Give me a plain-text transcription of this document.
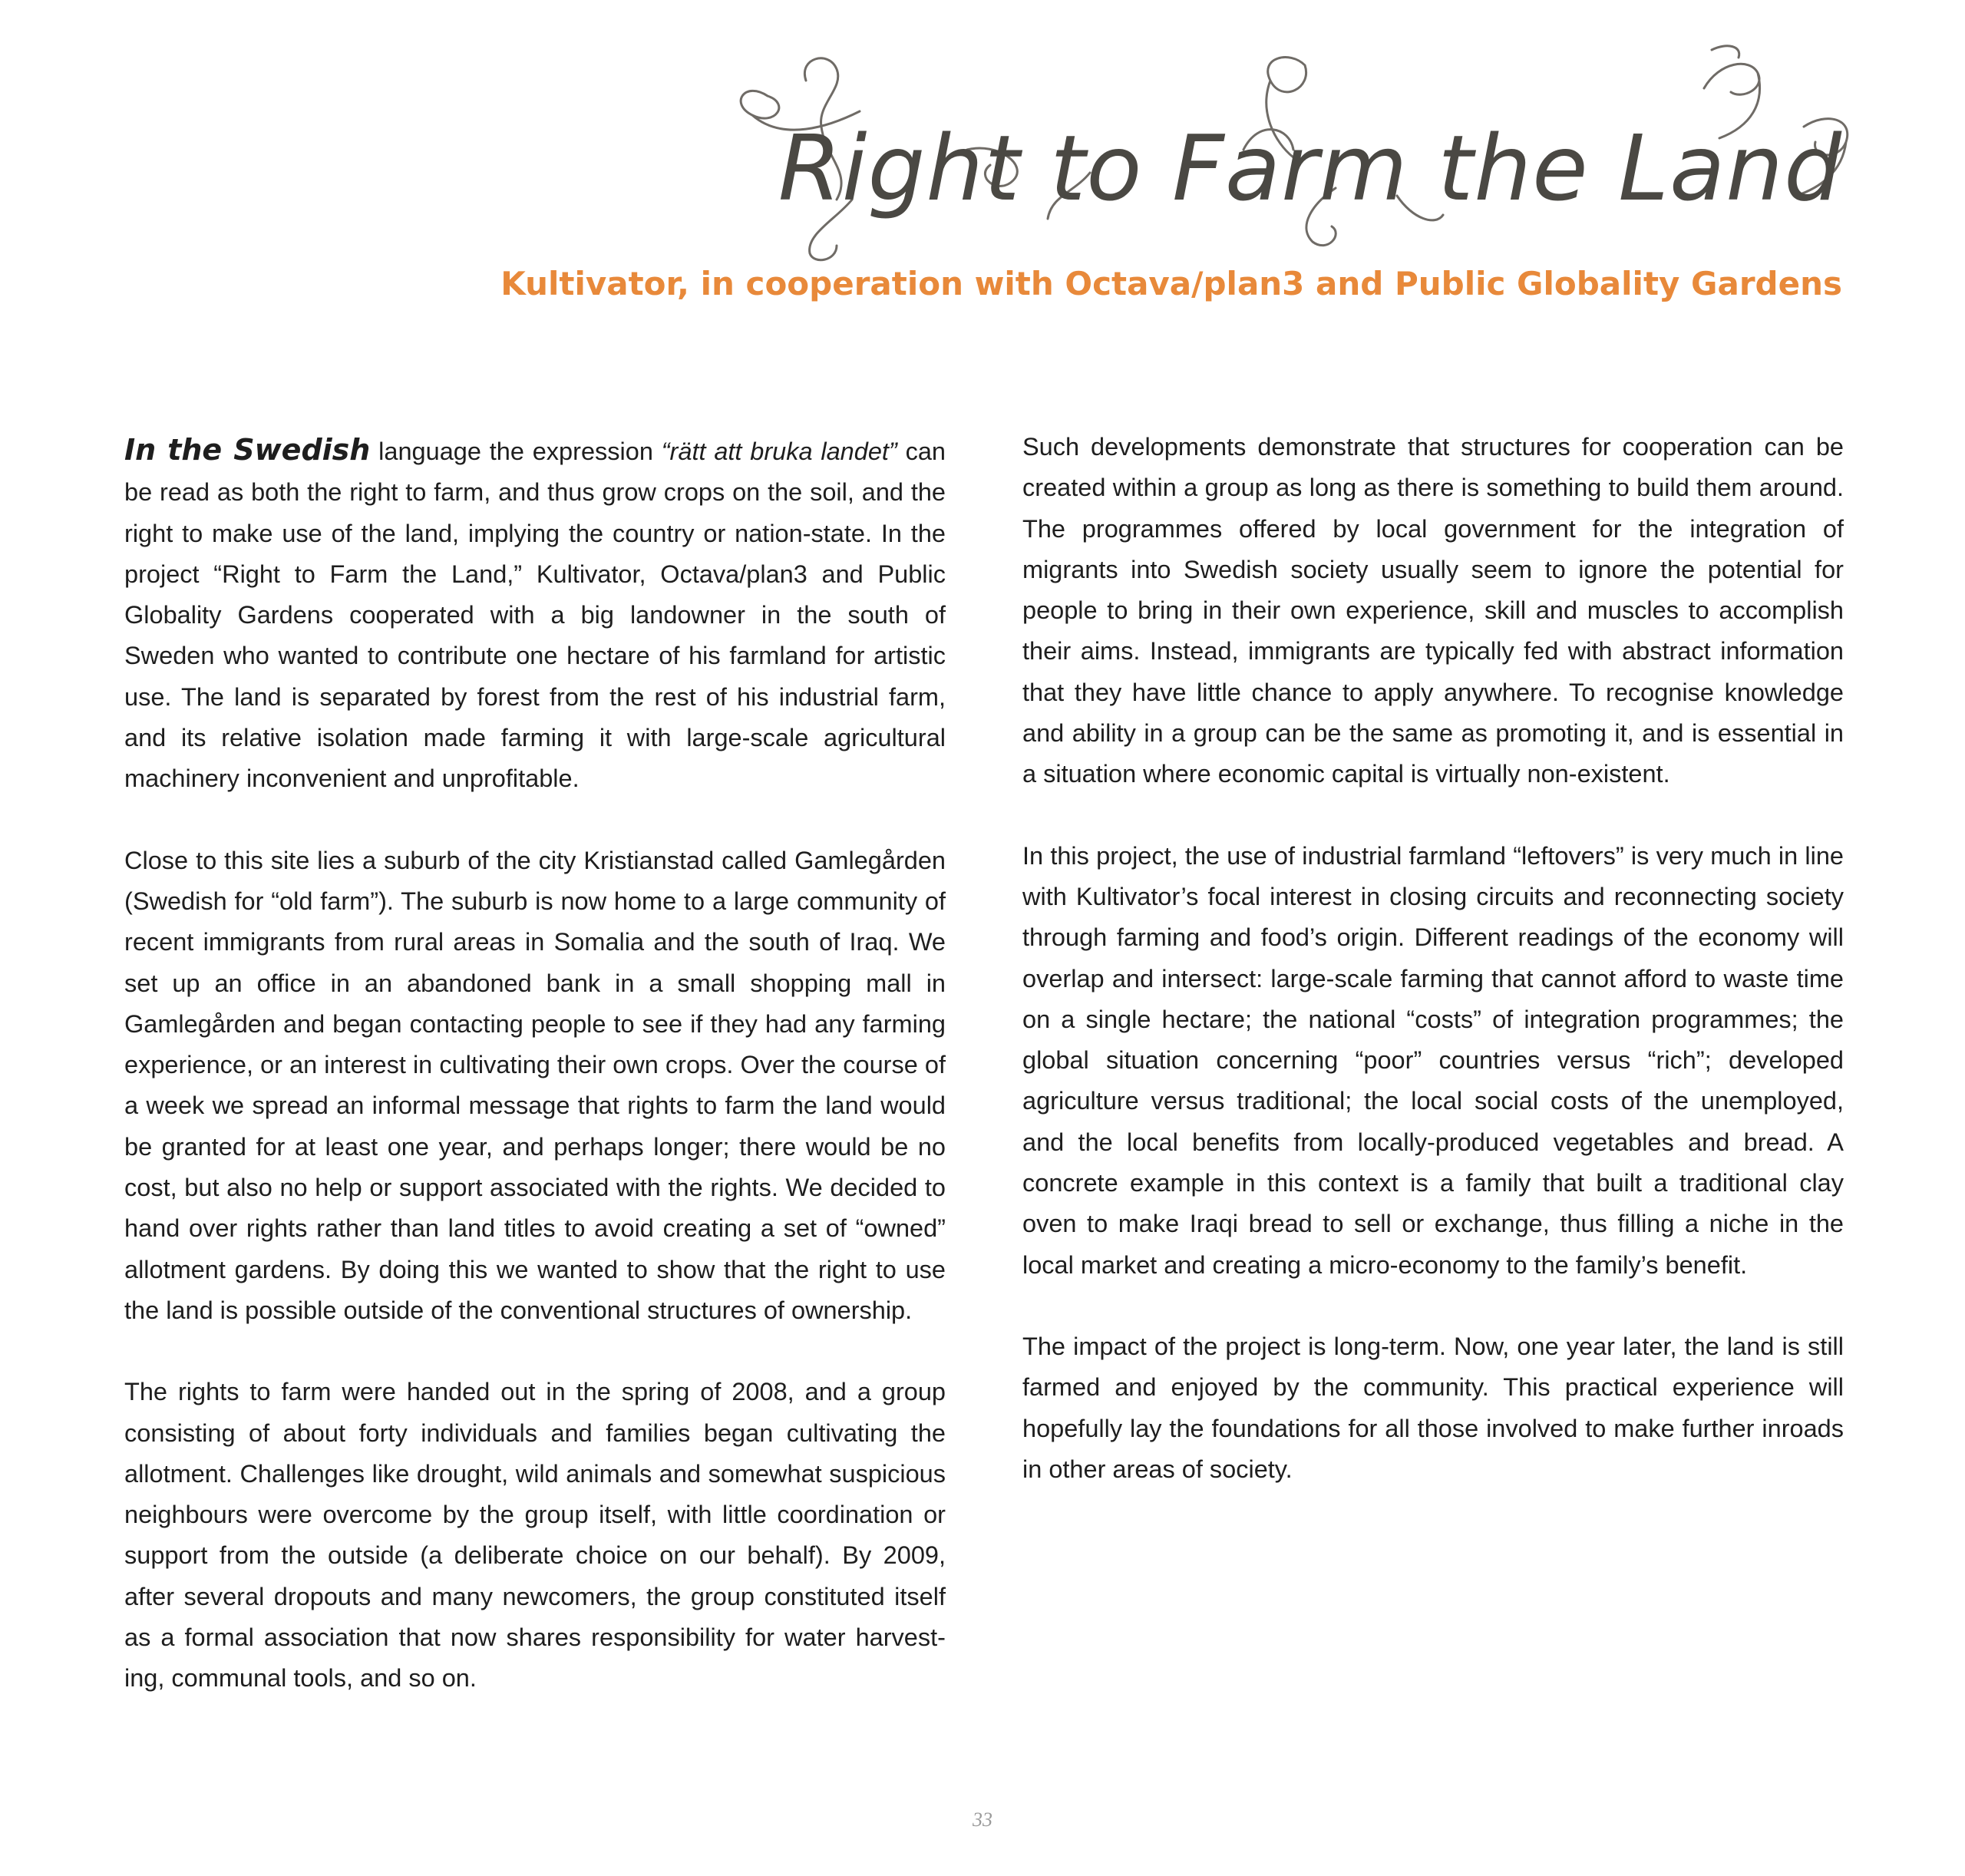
Right to Farm the Land
Kultivator, in cooperation with Octava/plan3 and Public Globality Gardens

In the Swedish language the expression “rätt att bruka landet” can be read as both the right to farm, and thus grow crops on the soil, and the right to make use of the land, implying the country or nation-state. In the project “Right to Farm the Land,” Kultivator, Octava/plan3 and Public Globality Gardens cooperated with a big landowner in the south of Sweden who wanted to contribute one hectare of his farmland for artistic use. The land is separated by forest from the rest of his industrial farm, and its relative isolation made farming it with large-scale agricultural machinery inconvenient and unprofitable.

Close to this site lies a suburb of the city Kristianstad called Gamlegården (Swedish for “old farm”). The suburb is now home to a large community of recent immigrants from rural areas in Somalia and the south of Iraq. We set up an office in an abandoned bank in a small shopping mall in Gamlegården and began contacting people to see if they had any farming experience, or an interest in cultivating their own crops. Over the course of a week we spread an informal message that rights to farm the land would be granted for at least one year, and perhaps longer; there would be no cost, but also no help or support associated with the rights. We decided to hand over rights rather than land titles to avoid creating a set of “owned” allotment gardens. By doing this we wanted to show that the right to use the land is possible outside of the conventional structures of ownership.

The rights to farm were handed out in the spring of 2008, and a group consisting of about forty individuals and families began cultivating the allotment. Challenges like drought, wild animals and somewhat suspicious neighbours were overcome by the group itself, with little coordination or support from the outside (a deliberate choice on our behalf). By 2009, after several dropouts and many newcomers, the group constituted itself as a formal association that now shares responsibility for water harvesting, communal tools, and so on.

Such developments demonstrate that structures for cooperation can be created within a group as long as there is something to build them around. The programmes offered by local government for the integration of migrants into Swedish society usually seem to ignore the potential for people to bring in their own experience, skill and muscles to accomplish their aims. Instead, immigrants are typically fed with abstract information that they have little chance to apply anywhere. To recognise knowledge and ability in a group can be the same as promoting it, and is essential in a situation where economic capital is virtually non-existent.

In this project, the use of industrial farmland “leftovers” is very much in line with Kultivator’s focal interest in closing circuits and reconnecting society through farming and food’s origin. Different readings of the economy will overlap and intersect: large-scale farming that cannot afford to waste time on a single hectare; the national “costs” of integration programmes; the global situation concerning “poor” countries versus “rich”; developed agriculture versus traditional; the local social costs of the unemployed, and the local benefits from locally-produced vegetables and bread. A concrete example in this context is a family that built a traditional clay oven to make Iraqi bread to sell or exchange, thus filling a niche in the local market and creating a micro-economy to the family’s benefit.

The impact of the project is long-term. Now, one year later, the land is still farmed and enjoyed by the community. This practical experience will hopefully lay the foundations for all those involved to make further inroads in other areas of society.

33
